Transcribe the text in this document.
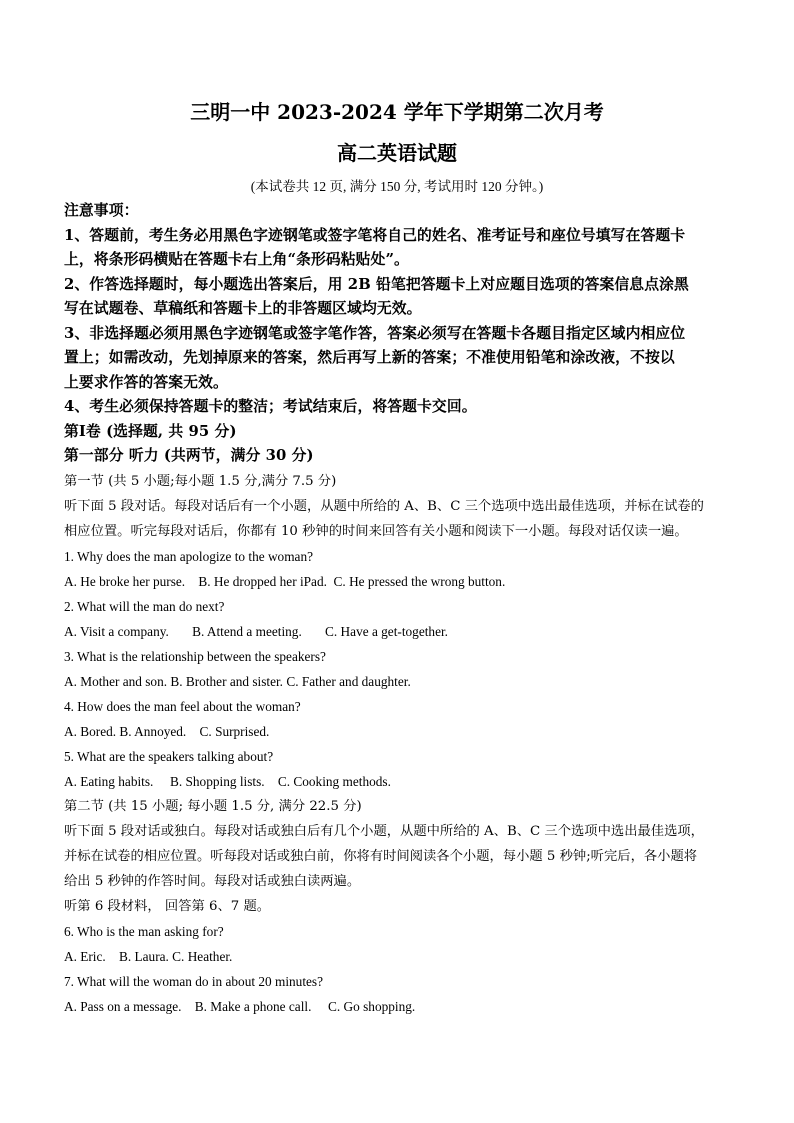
三明一中 2023-2024 学年下学期第二次月考
高二英语试题
(本试卷共 12 页, 满分 150 分, 考试用时 120 分钟。)

注意事项：

1、答题前，考生务必用黑色字迹钢笔或签字笔将自己的姓名、准考证号和座位号填写在答题卡

上，将条形码横贴在答题卡右上角“条形码粘贴处”。

2、作答选择题时，每小题选出答案后，用 2B 铅笔把答题卡上对应题目选项的答案信息点涂黑

写在试题卷、草稿纸和答题卡上的非答题区域均无效。

3、非选择题必须用黑色字迹钢笔或签字笔作答，答案必须写在答题卡各题目指定区域内相应位

置上；如需改动，先划掉原来的答案，然后再写上新的答案；不准使用铅笔和涂改液，不按以

上要求作答的答案无效。

4、考生必须保持答题卡的整洁；考试结束后，将答题卡交回。

第Ⅰ卷 (选择题, 共 95 分)

第一部分 听力 (共两节，满分 30 分)

第一节 (共 5 小题;每小题 1.5 分,满分 7.5 分)

听下面 5 段对话。每段对话后有一个小题，从题中所给的 A、B、C 三个选项中选出最佳选项，并标在试卷的

相应位置。听完每段对话后，你都有 10 秒钟的时间来回答有关小题和阅读下一小题。每段对话仅读一遍。

1. Why does the man apologize to the woman?

A. He broke her purse.    B. He dropped her iPad.  C. He pressed the wrong button.

2. What will the man do next?

A. Visit a company.       B. Attend a meeting.       C. Have a get-together.

3. What is the relationship between the speakers?

A. Mother and son. B. Brother and sister. C. Father and daughter.

4. How does the man feel about the woman?

A. Bored. B. Annoyed.    C. Surprised.

5. What are the speakers talking about?

A. Eating habits.     B. Shopping lists.    C. Cooking methods.

第二节 (共 15 小题; 每小题 1.5 分, 满分 22.5 分)

听下面 5 段对话或独白。每段对话或独白后有几个小题，从题中所给的 A、B、C 三个选项中选出最佳选项，

并标在试卷的相应位置。听每段对话或独白前，你将有时间阅读各个小题，每小题 5 秒钟;听完后，各小题将

给出 5 秒钟的作答时间。每段对话或独白读两遍。

听第 6 段材料， 回答第 6、7 题。

6. Who is the man asking for?

A. Eric.    B. Laura. C. Heather.

7. What will the woman do in about 20 minutes?

A. Pass on a message.    B. Make a phone call.     C. Go shopping.
